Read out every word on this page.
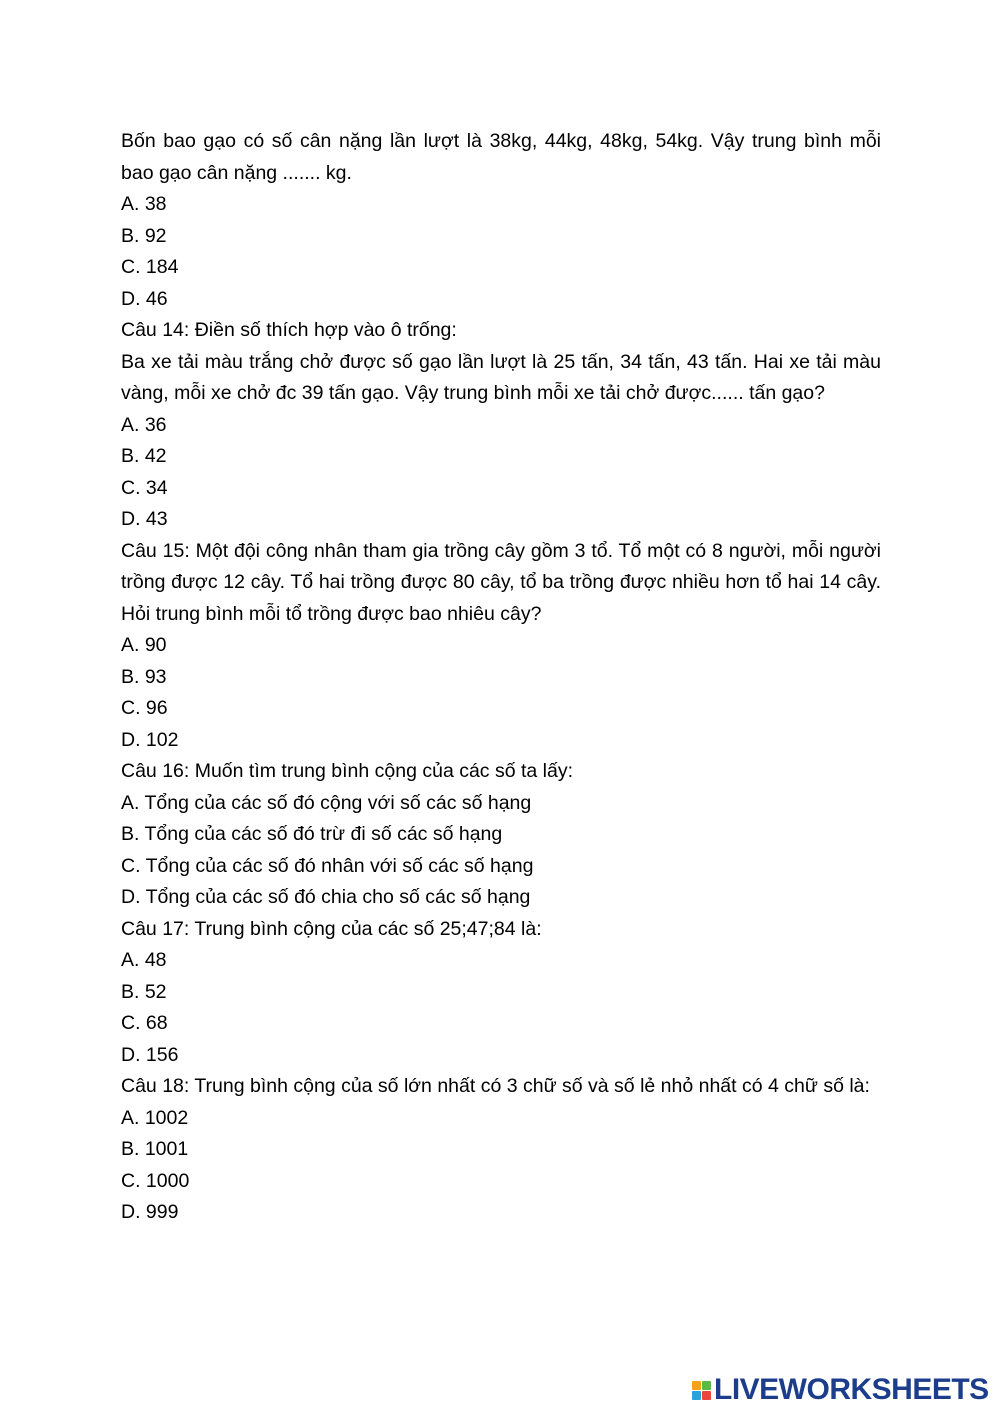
Bốn bao gạo có số cân nặng lần lượt là 38kg, 44kg, 48kg, 54kg. Vậy trung bình mỗi bao gạo cân nặng ....... kg.
A. 38
B. 92
C. 184
D. 46
Câu 14: Điền số thích hợp vào ô trống:
Ba xe tải màu trắng chở được số gạo lần lượt là 25 tấn, 34 tấn, 43 tấn. Hai xe tải màu vàng, mỗi xe chở đc 39 tấn gạo. Vậy trung bình mỗi xe tải chở được...... tấn gạo?
A. 36
B. 42
C. 34
D. 43
Câu 15: Một đội công nhân tham gia trồng cây gồm 3 tổ. Tổ một có 8 người, mỗi người trồng được 12 cây. Tổ hai trồng được 80 cây, tổ ba trồng được nhiều hơn tổ hai 14 cây. Hỏi trung bình mỗi tổ trồng được bao nhiêu cây?
A. 90
B. 93
C. 96
D. 102
Câu 16: Muốn tìm trung bình cộng của các số ta lấy:
A. Tổng của các số đó cộng với số các số hạng
B. Tổng của các số đó trừ đi số các số hạng
C. Tổng của các số đó nhân với số các số hạng
D. Tổng của các số đó chia cho số các số hạng
Câu 17: Trung bình cộng của các số 25;47;84 là:
A. 48
B. 52
C. 68
D. 156
Câu 18: Trung bình cộng của số lớn nhất có 3 chữ số và số lẻ nhỏ nhất có 4 chữ số là:
A. 1002
B. 1001
C. 1000
D. 999
LIVEWORKSHEETS
